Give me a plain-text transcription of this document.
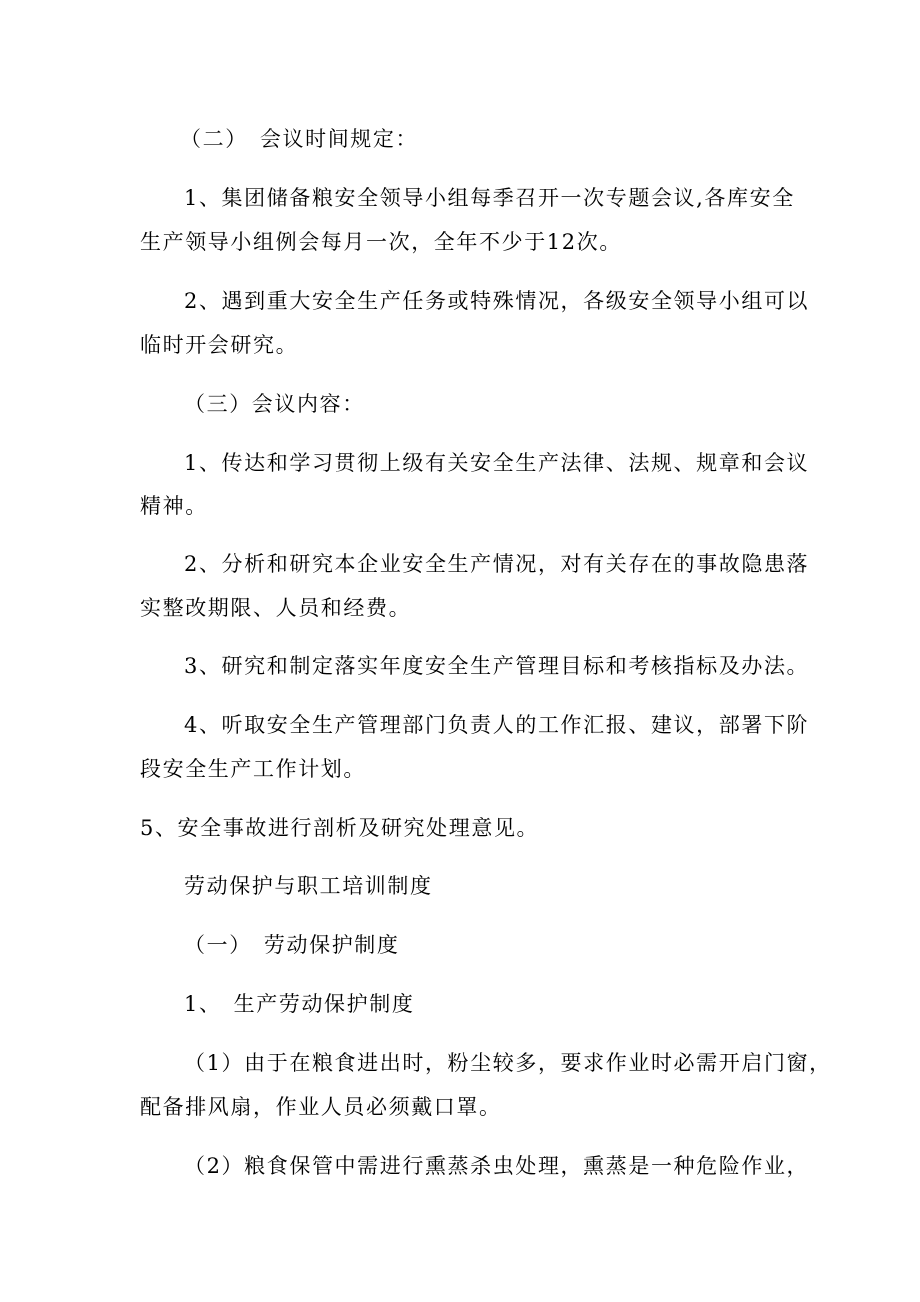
（二）　会议时间规定：
1、集团储备粮安全领导小组每季召开一次专题会议,各库安全
生产领导小组例会每月一次，全年不少于12次。
2、遇到重大安全生产任务或特殊情况，各级安全领导小组可以
临时开会研究。
（三）会议内容：
1、传达和学习贯彻上级有关安全生产法律、法规、规章和会议
精神。
2、分析和研究本企业安全生产情况，对有关存在的事故隐患落
实整改期限、人员和经费。
3、研究和制定落实年度安全生产管理目标和考核指标及办法。
4、听取安全生产管理部门负责人的工作汇报、建议，部署下阶
段安全生产工作计划。
5、安全事故进行剖析及研究处理意见。
劳动保护与职工培训制度
（一）　劳动保护制度
1、　生产劳动保护制度
（1）由于在粮食进出时，粉尘较多，要求作业时必需开启门窗，
配备排风扇，作业人员必须戴口罩。
（2）粮食保管中需进行熏蒸杀虫处理，熏蒸是一种危险作业，
